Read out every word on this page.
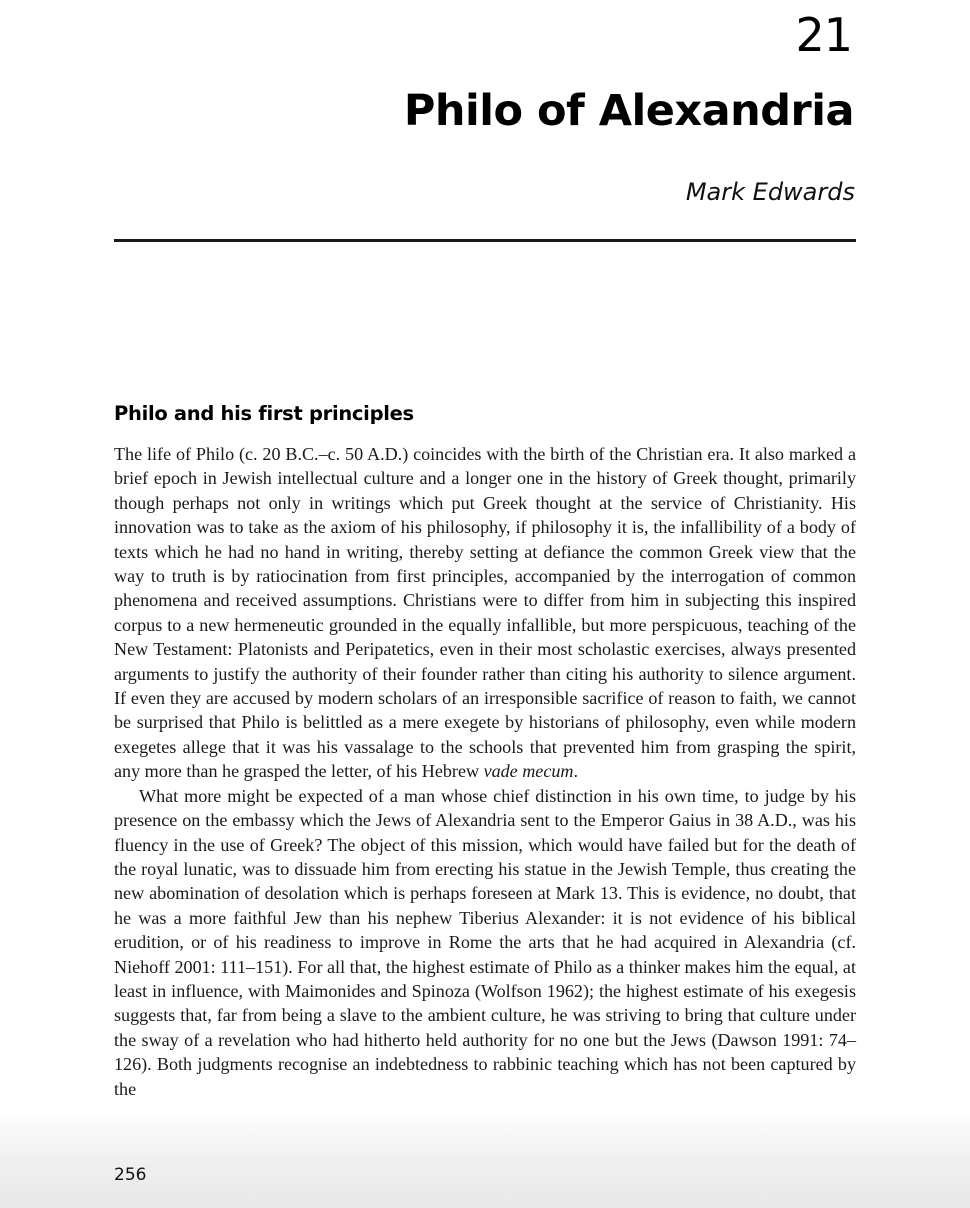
21
Philo of Alexandria
Mark Edwards
Philo and his first principles

The life of Philo (c. 20 B.C.–c. 50 A.D.) coincides with the birth of the Christian era. It also marked a brief epoch in Jewish intellectual culture and a longer one in the history of Greek thought, primarily though perhaps not only in writings which put Greek thought at the service of Christianity. His innovation was to take as the axiom of his philosophy, if philosophy it is, the infallibility of a body of texts which he had no hand in writing, thereby setting at defiance the common Greek view that the way to truth is by ratiocination from first principles, accompanied by the interrogation of common phenomena and received assumptions. Christians were to differ from him in subjecting this inspired corpus to a new hermeneutic grounded in the equally infallible, but more perspicuous, teaching of the New Testament: Platonists and Peripatetics, even in their most scholastic exercises, always presented arguments to justify the authority of their founder rather than citing his authority to silence argument. If even they are accused by modern scholars of an irresponsible sacrifice of reason to faith, we cannot be surprised that Philo is belittled as a mere exegete by historians of philosophy, even while modern exegetes allege that it was his vassalage to the schools that prevented him from grasping the spirit, any more than he grasped the letter, of his Hebrew vade mecum.

What more might be expected of a man whose chief distinction in his own time, to judge by his presence on the embassy which the Jews of Alexandria sent to the Emperor Gaius in 38 A.D., was his fluency in the use of Greek? The object of this mission, which would have failed but for the death of the royal lunatic, was to dissuade him from erecting his statue in the Jewish Temple, thus creating the new abomination of desolation which is perhaps foreseen at Mark 13. This is evidence, no doubt, that he was a more faithful Jew than his nephew Tiberius Alexander: it is not evidence of his biblical erudition, or of his readiness to improve in Rome the arts that he had acquired in Alexandria (cf. Niehoff 2001: 111–151). For all that, the highest estimate of Philo as a thinker makes him the equal, at least in influence, with Maimonides and Spinoza (Wolfson 1962); the highest estimate of his exegesis suggests that, far from being a slave to the ambient culture, he was striving to bring that culture under the sway of a revelation who had hitherto held authority for no one but the Jews (Dawson 1991: 74–126). Both judgments recognise an indebtedness to rabbinic teaching which has not been captured by the

256
